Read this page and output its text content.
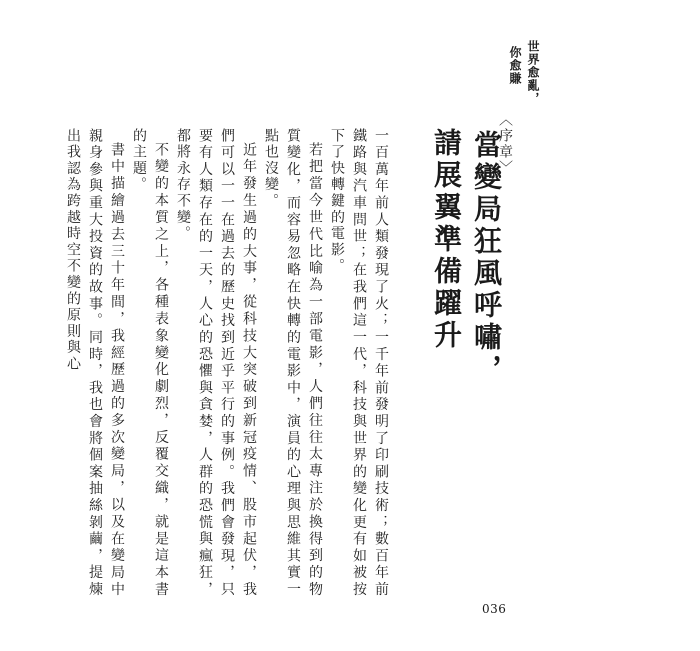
世界愈亂，
你愈賺
〈序章〉
當變局狂風呼嘯，
請展翼準備躍升

一百萬年前人類發現了火；一千年前發明了印刷技術；數百年前鐵路與汽車問世；在我們這一代，科技與世界的變化更有如被按下了快轉鍵的電影。

若把當今世代比喻為一部電影，人們往往太專注於換得到的物質變化，而容易忽略在快轉的電影中，演員的心理與思維其實一點也沒變。

近年發生過的大事，從科技大突破到新冠疫情、股市起伏，我們可以一一在過去的歷史找到近乎平行的事例。我們會發現，只要有人類存在的一天，人心的恐懼與貪婪，人群的恐慌與瘋狂，都將永存不變。

不變的本質之上，各種表象變化劇烈，反覆交織，就是這本書的主題。

書中描繪過去三十年間，我經歷過的多次變局，以及在變局中親身參與重大投資的故事。同時，我也會將個案抽絲剝繭，提煉出我認為跨越時空不變的原則與心

036
